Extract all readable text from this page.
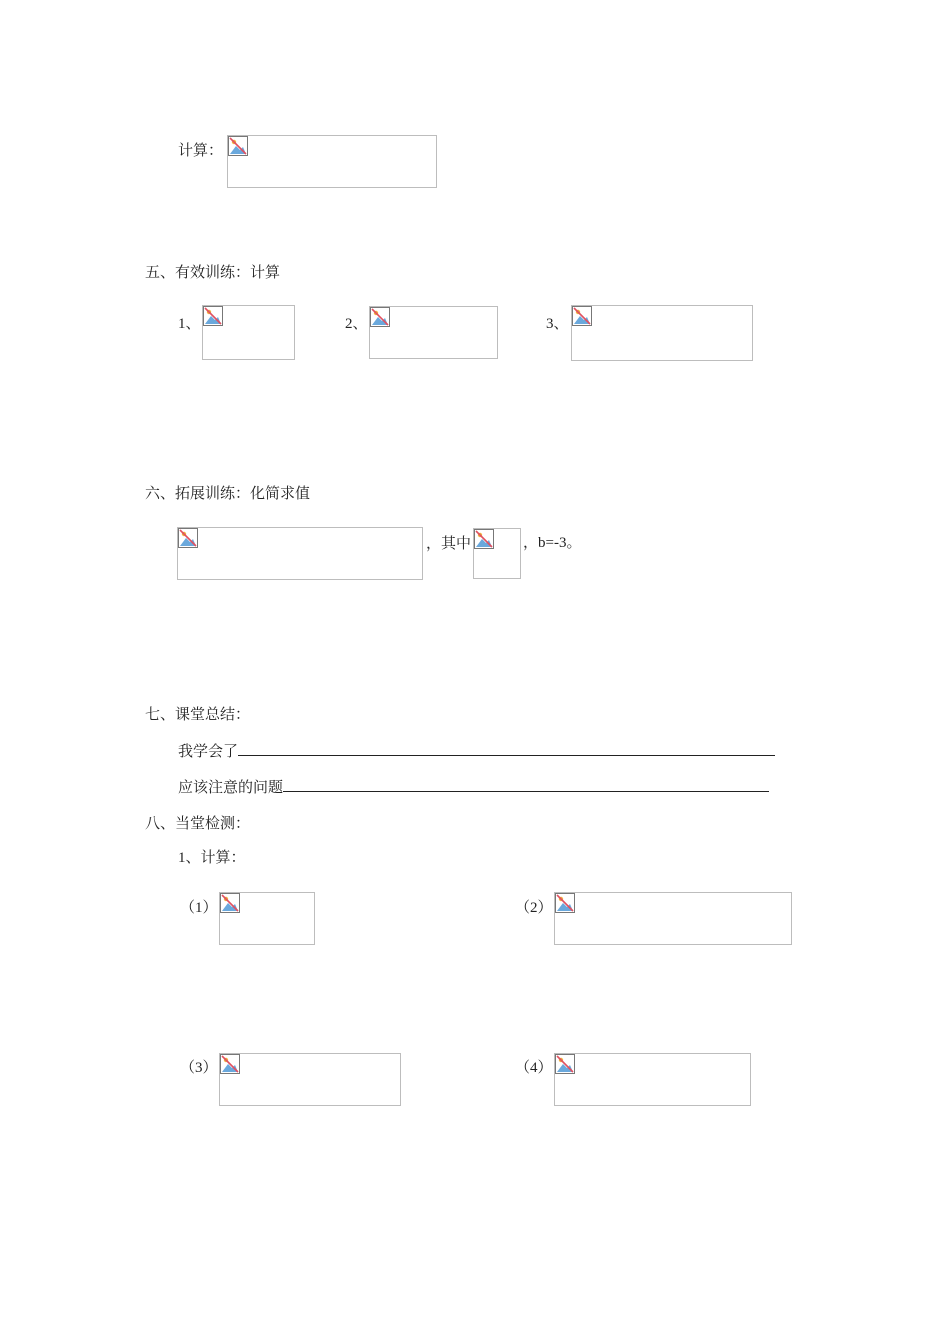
计算：
五、有效训练：计算
1、	2、	3、
六、拓展训练：化简求值
，其中	，b=-3。
七、课堂总结：
我学会了
应该注意的问题
八、当堂检测：
1、计算：
（1）	（2）
（3）	（4）
